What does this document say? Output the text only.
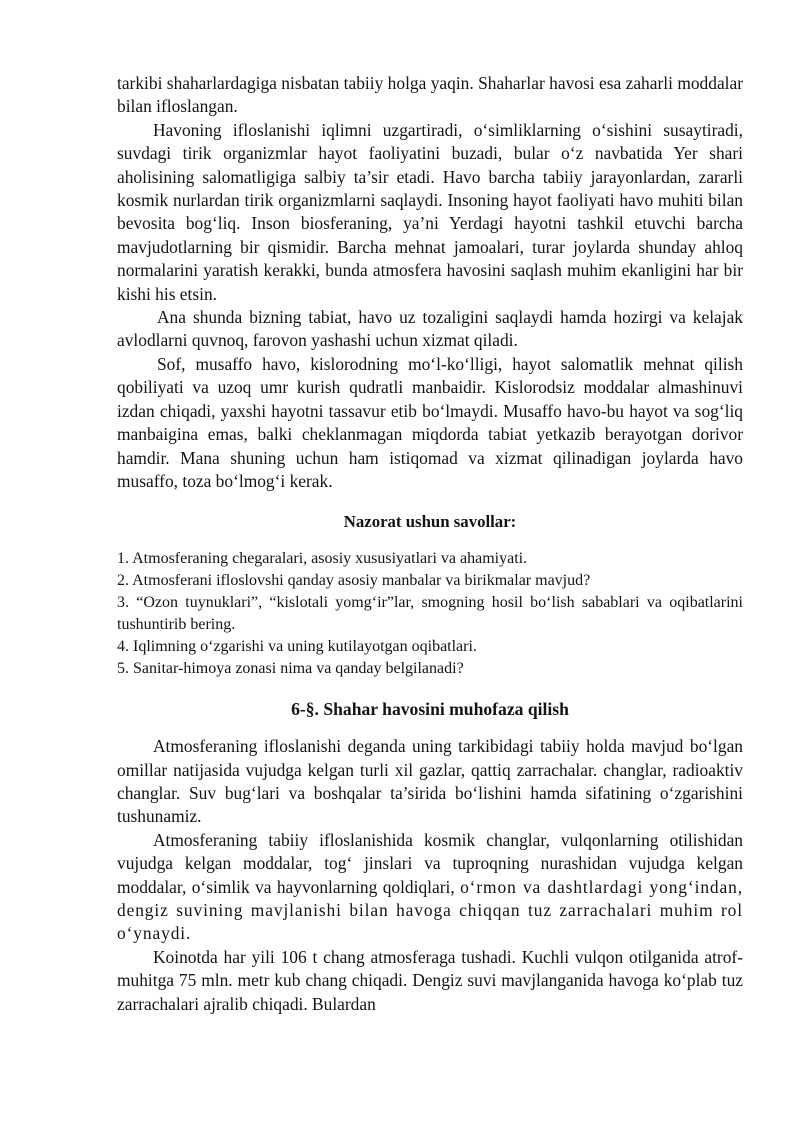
tarkibi shaharlardagiga nisbatan tabiiy holga yaqin. Shaharlar havosi esa zaharli moddalar bilan ifloslangan.

Havoning ifloslanishi iqlimni uzgartiradi, o‘simliklarning o‘sishini susaytiradi, suvdagi tirik organizmlar hayot faoliyatini buzadi, bular o‘z navbatida Yer shari aholisining salomatligiga salbiy ta’sir etadi. Havo barcha tabiiy jarayonlardan, zararli kosmik nurlardan tirik organizmlarni saqlaydi. Insoning hayot faoliyati havo muhiti bilan bevosita bog‘liq. Inson biosferaning, ya’ni Yerdagi hayotni tashkil etuvchi barcha mavjudotlarning bir qismidir. Barcha mehnat jamoalari, turar joylarda shunday ahloq normalarini yaratish kerakki, bunda atmosfera havosini saqlash muhim ekanligini har bir kishi his etsin.

Ana shunda bizning tabiat, havo uz tozaligini saqlaydi hamda hozirgi va kelajak avlodlarni quvnoq, farovon yashashi uchun xizmat qiladi.

Sof, musaffo havo, kislorodning mo‘l-ko‘lligi, hayot salomatlik mehnat qilish qobiliyati va uzoq umr kurish qudratli manbaidir. Kislorodsiz moddalar almashinuvi izdan chiqadi, yaxshi hayotni tassavur etib bo‘lmaydi. Musaffo havo-bu hayot va sog‘liq manbaigina emas, balki cheklanmagan miqdorda tabiat yetkazib berayotgan dorivor hamdir. Mana shuning uchun ham istiqomad va xizmat qilinadigan joylarda havo musaffo, toza bo‘lmog‘i kerak.

Nazorat ushun savollar:

1. Atmosferaning chegaralari, asosiy xususiyatlari va ahamiyati.

2. Atmosferani ifloslovshi qanday asosiy manbalar va birikmalar mavjud?

3. “Ozon tuynuklari”, “kislotali yomg‘ir”lar, smogning hosil bo‘lish sabablari va oqibatlarini tushuntirib bering.

4. Iqlimning o‘zgarishi va uning kutilayotgan oqibatlari.

5. Sanitar-himoya zonasi nima va qanday belgilanadi?

6-§. Shahar havosini muhofaza qilish

Atmosferaning ifloslanishi deganda uning tarkibidagi tabiiy holda mavjud bo‘lgan omillar natijasida vujudga kelgan turli xil gazlar, qattiq zarrachalar. changlar, radioaktiv changlar. Suv bug‘lari va boshqalar ta’sirida bo‘lishini hamda sifatining o‘zgarishini tushunamiz.

Atmosferaning tabiiy ifloslanishida kosmik changlar, vulqonlarning otilishidan vujudga kelgan moddalar, tog‘ jinslari va tuproqning nurashidan vujudga kelgan moddalar, o‘simlik va hayvonlarning qoldiqlari, o‘rmon va dashtlardagi yong‘indan, dengiz suvining mavjlanishi bilan havoga chiqqan tuz zarrachalari muhim rol o‘ynaydi.

Koinotda har yili 106 t chang atmosferaga tushadi. Kuchli vulqon otilganida atrof-muhitga 75 mln. metr kub chang chiqadi. Dengiz suvi mavjlanganida havoga ko‘plab tuz zarrachalari ajralib chiqadi. Bulardan
